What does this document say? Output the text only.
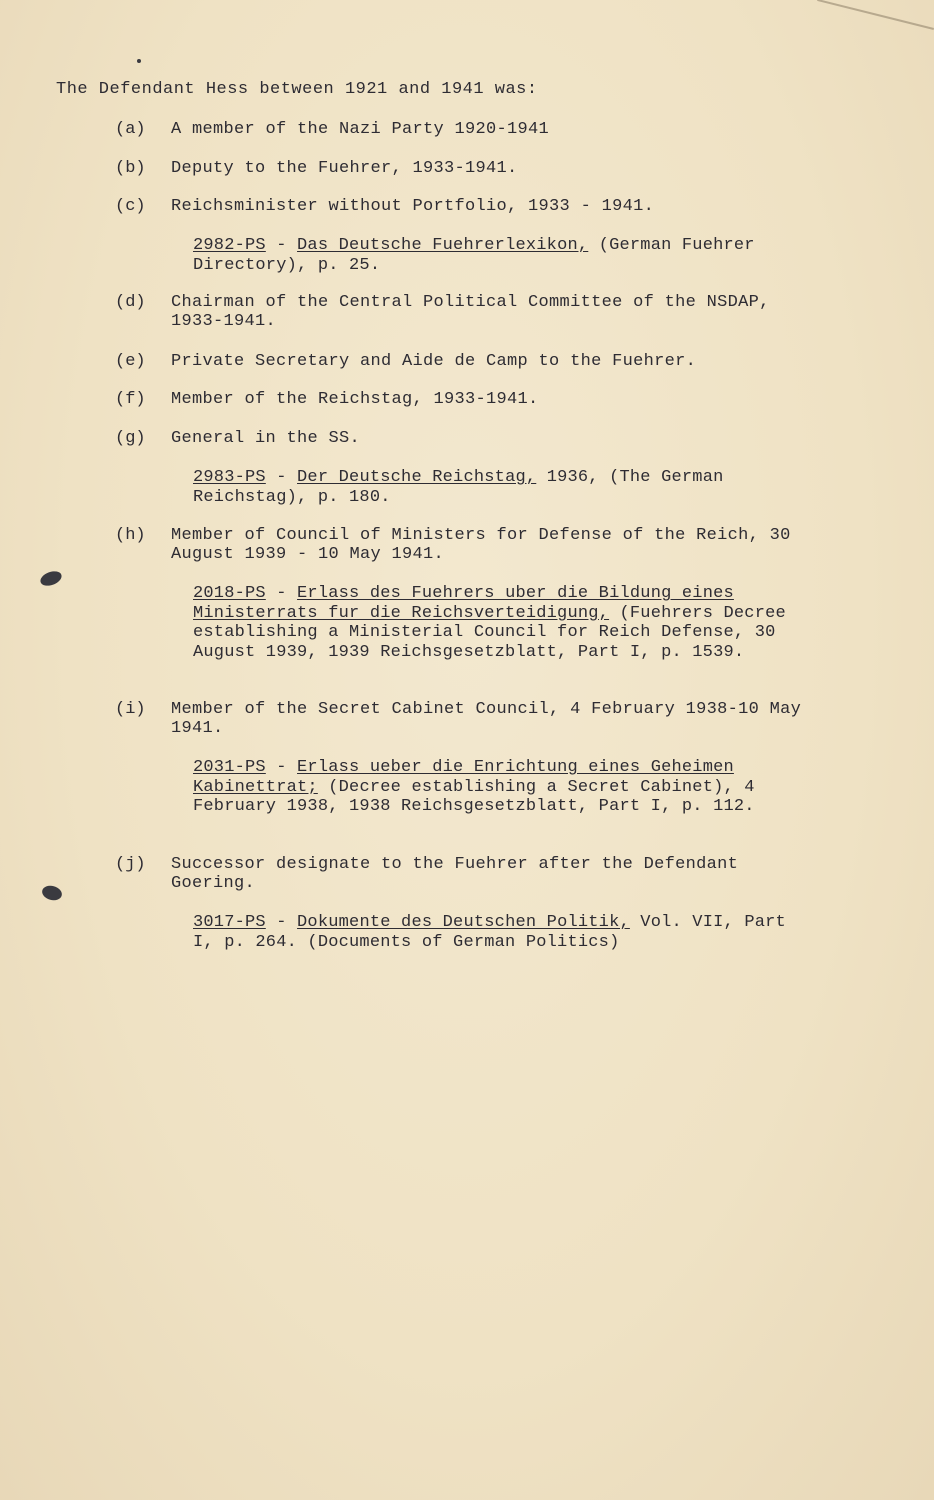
The Defendant Hess between 1921 and 1941 was:
(a) A member of the Nazi Party 1920-1941
(b) Deputy to the Fuehrer, 1933-1941.
(c) Reichsminister without Portfolio, 1933 - 1941.
2982-PS - Das Deutsche Fuehrerlexikon, (German Fuehrer Directory), p. 25.
(d) Chairman of the Central Political Committee of the NSDAP, 1933-1941.
(e) Private Secretary and Aide de Camp to the Fuehrer.
(f) Member of the Reichstag, 1933-1941.
(g) General in the SS.
2983-PS - Der Deutsche Reichstag, 1936, (The German Reichstag), p. 180.
(h) Member of Council of Ministers for Defense of the Reich, 30 August 1939 - 10 May 1941.
2018-PS - Erlass des Fuehrers uber die Bildung eines Ministerrats fur die Reichsverteidigung, (Fuehrers Decree establishing a Ministerial Council for Reich Defense, 30 August 1939, 1939 Reichsgesetzblatt, Part I, p. 1539.
(i) Member of the Secret Cabinet Council, 4 February 1938-10 May 1941.
2031-PS - Erlass ueber die Enrichtung eines Geheimen Kabinettrat; (Decree establishing a Secret Cabinet), 4 February 1938, 1938 Reichsgesetzblatt, Part I, p. 112.
(j) Successor designate to the Fuehrer after the Defendant Goering.
3017-PS - Dokumente des Deutschen Politik, Vol. VII, Part I, p. 264. (Documents of German Politics)
